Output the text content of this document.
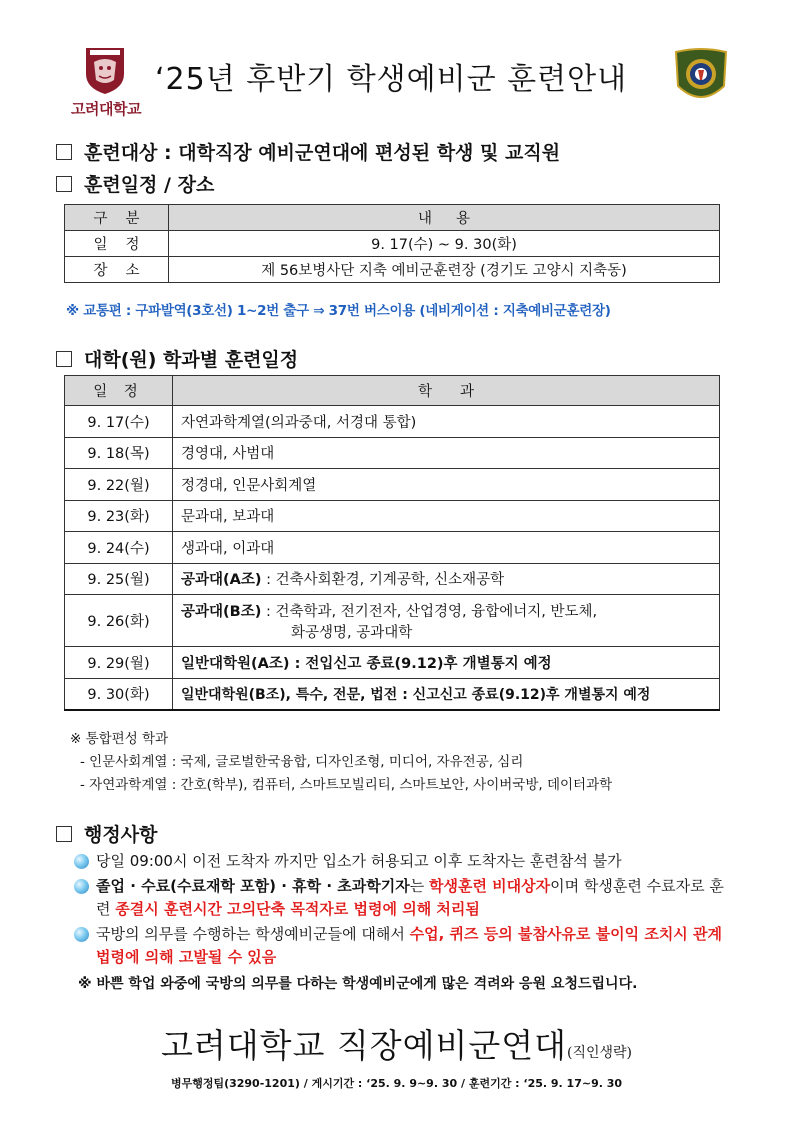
고려대학교
‘25년 후반기 학생예비군 훈련안내
훈련대상 : 대학직장 예비군연대에 편성된 학생 및 교직원
훈련일정 / 장소
구분	내용
일정	9. 17(수) ~ 9. 30(화)
장소	제 56보병사단 지축 예비군훈련장 (경기도 고양시 지축동)
※ 교통편 : 구파발역(3호선) 1~2번 출구 ⇒ 37번 버스이용 (네비게이션 : 지축예비군훈련장)
대학(원) 학과별 훈련일정
일 정	학과
9. 17(수)	자연과학계열(의과중대, 서경대 통합)
9. 18(목)	경영대, 사범대
9. 22(월)	정경대, 인문사회계열
9. 23(화)	문과대, 보과대
9. 24(수)	생과대, 이과대
9. 25(월)	공과대(A조) : 건축사회환경, 기계공학, 신소재공학
9. 26(화)	공과대(B조) : 건축학과, 전기전자, 산업경영, 융합에너지, 반도체,
화공생명, 공과대학

9. 29(월)	일반대학원(A조) : 전입신고 종료(9.12)후 개별통지 예정
9. 30(화)	일반대학원(B조), 특수, 전문, 법전 : 신고신고 종료(9.12)후 개별통지 예정
※ 통합편성 학과
- 인문사회계열 : 국제, 글로벌한국융합, 디자인조형, 미디어, 자유전공, 심리
- 자연과학계열 : 간호(학부), 컴퓨터, 스마트모빌리티, 스마트보안, 사이버국방, 데이터과학
행정사항
당일 09:00시 이전 도착자 까지만 입소가 허용되고 이후 도착자는 훈련참석 불가
졸업 · 수료(수료재학 포함) · 휴학 · 초과학기자는 학생훈련 비대상자이며 학생훈련 수료자로 훈련 종결시 훈련시간 고의단축 목적자로 법령에 의해 처리됨
국방의 의무를 수행하는 학생예비군들에 대해서 수업, 퀴즈 등의 불참사유로 불이익 조치시 관계법령에 의해 고발될 수 있음
※ 바쁜 학업 와중에 국방의 의무를 다하는 학생예비군에게 많은 격려와 응원 요청드립니다.
고려대학교 직장예비군연대(직인생략)
병무행정팀(3290-1201) / 게시기간 : ‘25. 9. 9~9. 30 / 훈련기간 : ‘25. 9. 17~9. 30
